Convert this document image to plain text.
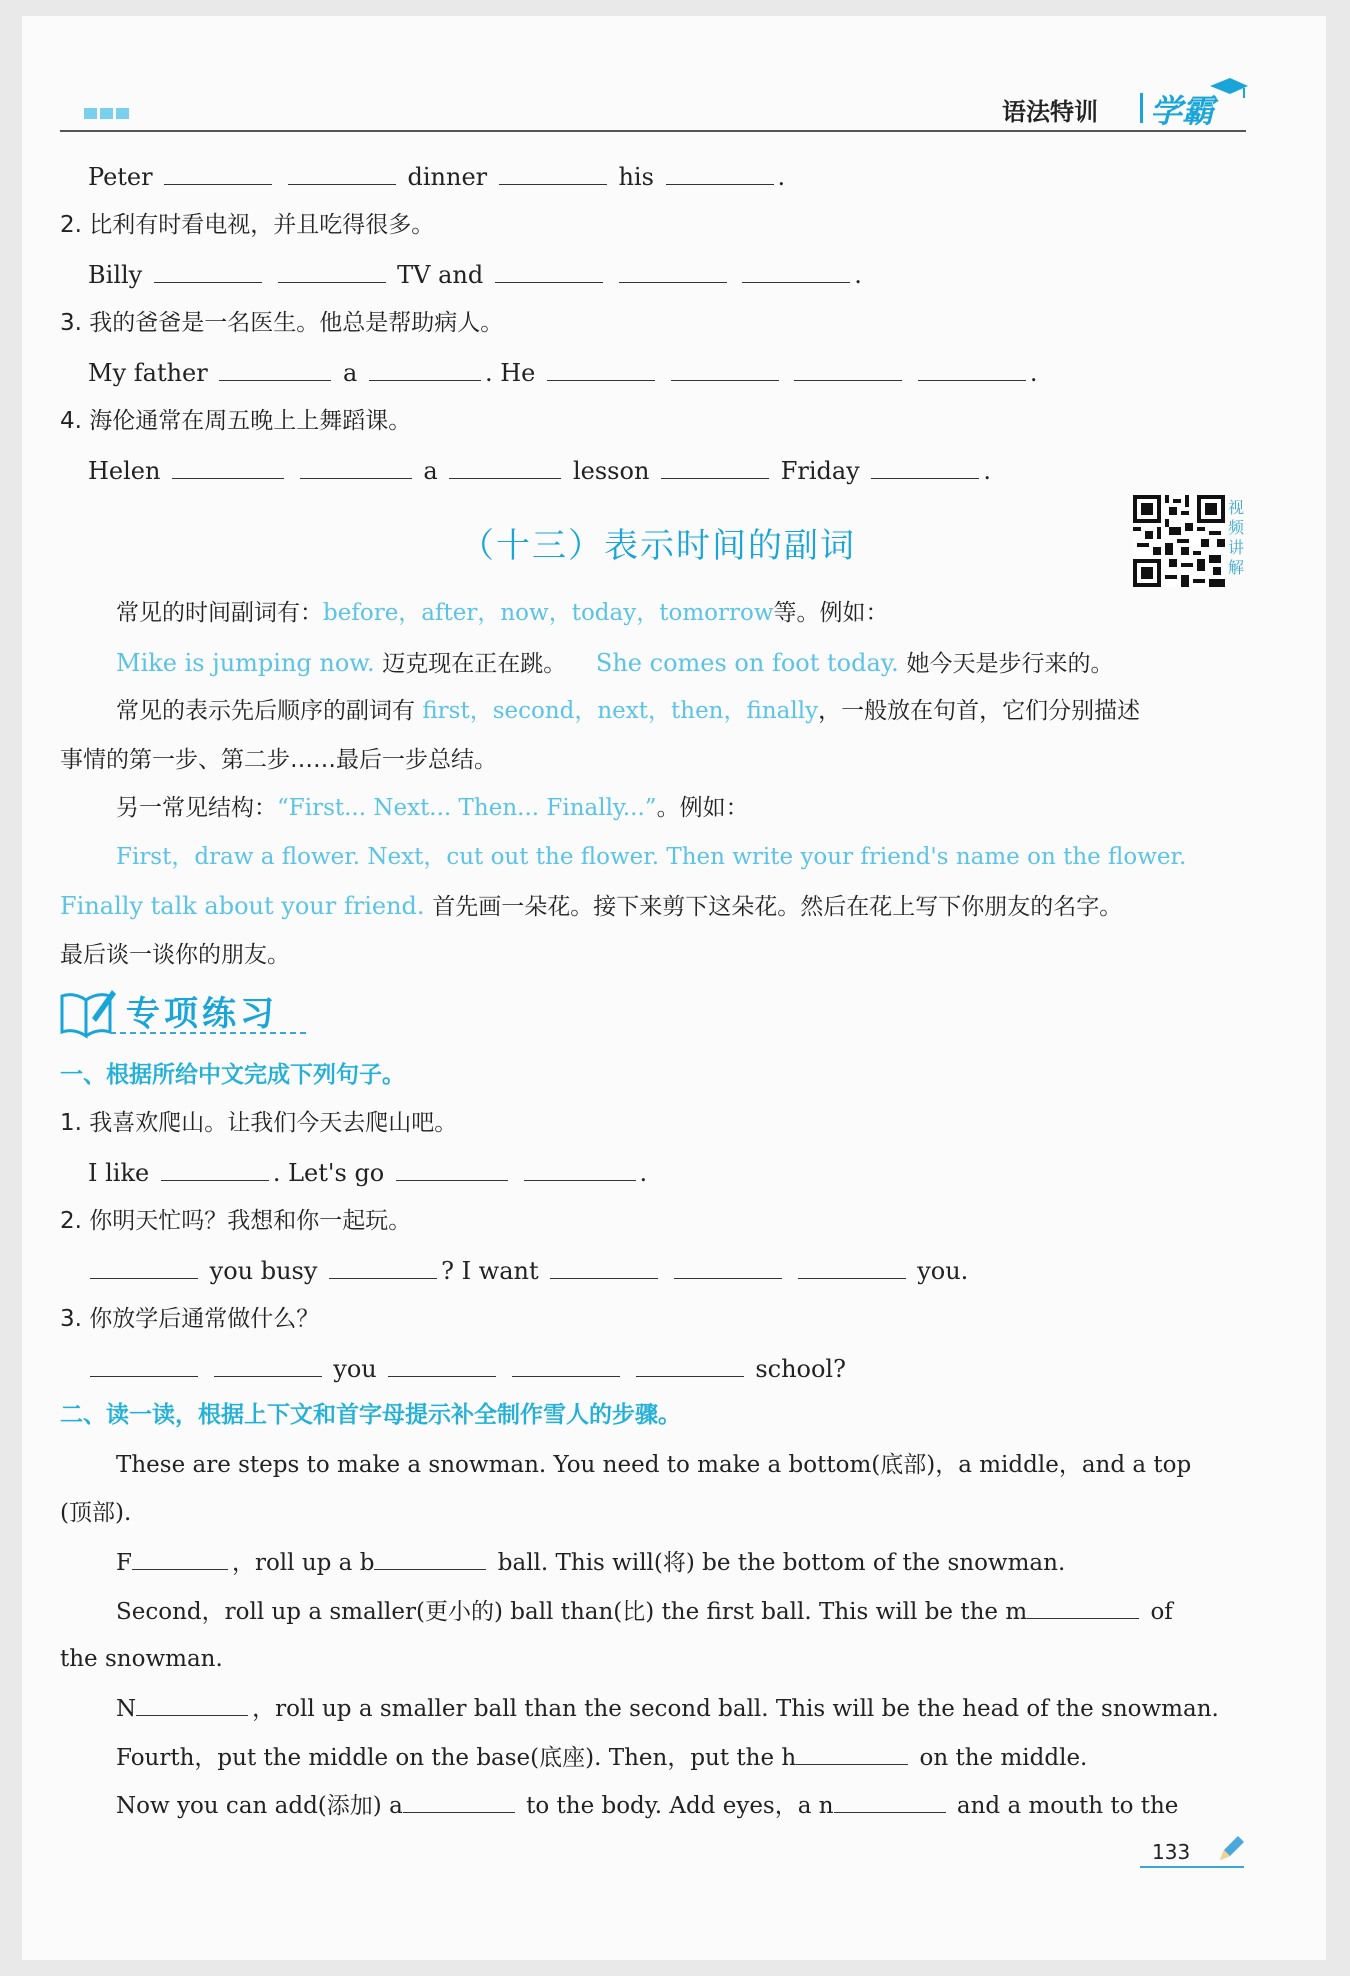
语法特训 学霸
Peter	dinner	his	.
2. 比利有时看电视，并且吃得很多。
Billy	TV and	.
3. 我的爸爸是一名医生。他总是帮助病人。
My father	a	. He	.
4. 海伦通常在周五晚上上舞蹈课。
Helen	a	lesson	Friday	.
（十三）表示时间的副词
视频讲解
常见的时间副词有：before，after，now，today，tomorrow等。例如：
Mike is jumping now. 迈克现在正在跳。 She comes on foot today. 她今天是步行来的。
常见的表示先后顺序的副词有 first，second，next，then，finally，一般放在句首，它们分别描述
事情的第一步、第二步……最后一步总结。
另一常见结构：“First... Next... Then... Finally...”。例如：
First，draw a flower. Next，cut out the flower. Then write your friend's name on the flower.
Finally talk about your friend. 首先画一朵花。接下来剪下这朵花。然后在花上写下你朋友的名字。
最后谈一谈你的朋友。
专项练习
一、根据所给中文完成下列句子。
1. 我喜欢爬山。让我们今天去爬山吧。
I like	. Let's go	.
2. 你明天忙吗？我想和你一起玩。
you busy	? I want	you.
3. 你放学后通常做什么？
you	school?
二、读一读，根据上下文和首字母提示补全制作雪人的步骤。
These are steps to make a snowman. You need to make a bottom(底部)，a middle，and a top
(顶部).
F	，roll up a b	ball. This will(将) be the bottom of the snowman.
Second，roll up a smaller(更小的) ball than(比) the first ball. This will be the m	of
the snowman.
N	，roll up a smaller ball than the second ball. This will be the head of the snowman.
Fourth，put the middle on the base(底座). Then，put the h	on the middle.
Now you can add(添加) a	to the body. Add eyes，a n	and a mouth to the
133
